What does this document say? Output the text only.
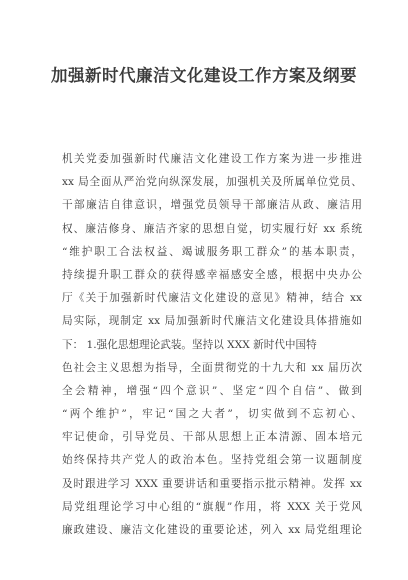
加强新时代廉洁文化建设工作方案及纲要
机关党委加强新时代廉洁文化建设工作方案为进一步推进
xx 局全面从严治党向纵深发展，加强机关及所属单位党员、
干部廉洁自律意识，增强党员领导干部廉洁从政、廉洁用
权、廉洁修身、廉洁齐家的思想自觉，切实履行好 xx 系统
“维护职工合法权益、竭诚服务职工群众”的基本职责，
持续提升职工群众的获得感幸福感安全感，根据中央办公
厅《关于加强新时代廉洁文化建设的意见》精神，结合 xx
局实际，现制定 xx 局加强新时代廉洁文化建设具体措施如
下： 1.强化思想理论武装。坚持以 XXX 新时代中国特
色社会主义思想为指导，全面贯彻党的十九大和 xx 届历次
全会精神，增强“四个意识”、坚定“四个自信”、做到
“两个维护”，牢记“国之大者”，切实做到不忘初心、
牢记使命，引导党员、干部从思想上正本清源、固本培元
始终保持共产党人的政治本色。坚持党组会第一议题制度
及时跟进学习 XXX 重要讲话和重要指示批示精神。发挥 xx
局党组理论学习中心组的“旗舰”作用，将 XXX 关于党风
廉政建设、廉洁文化建设的重要论述，列入 xx 局党组理论
